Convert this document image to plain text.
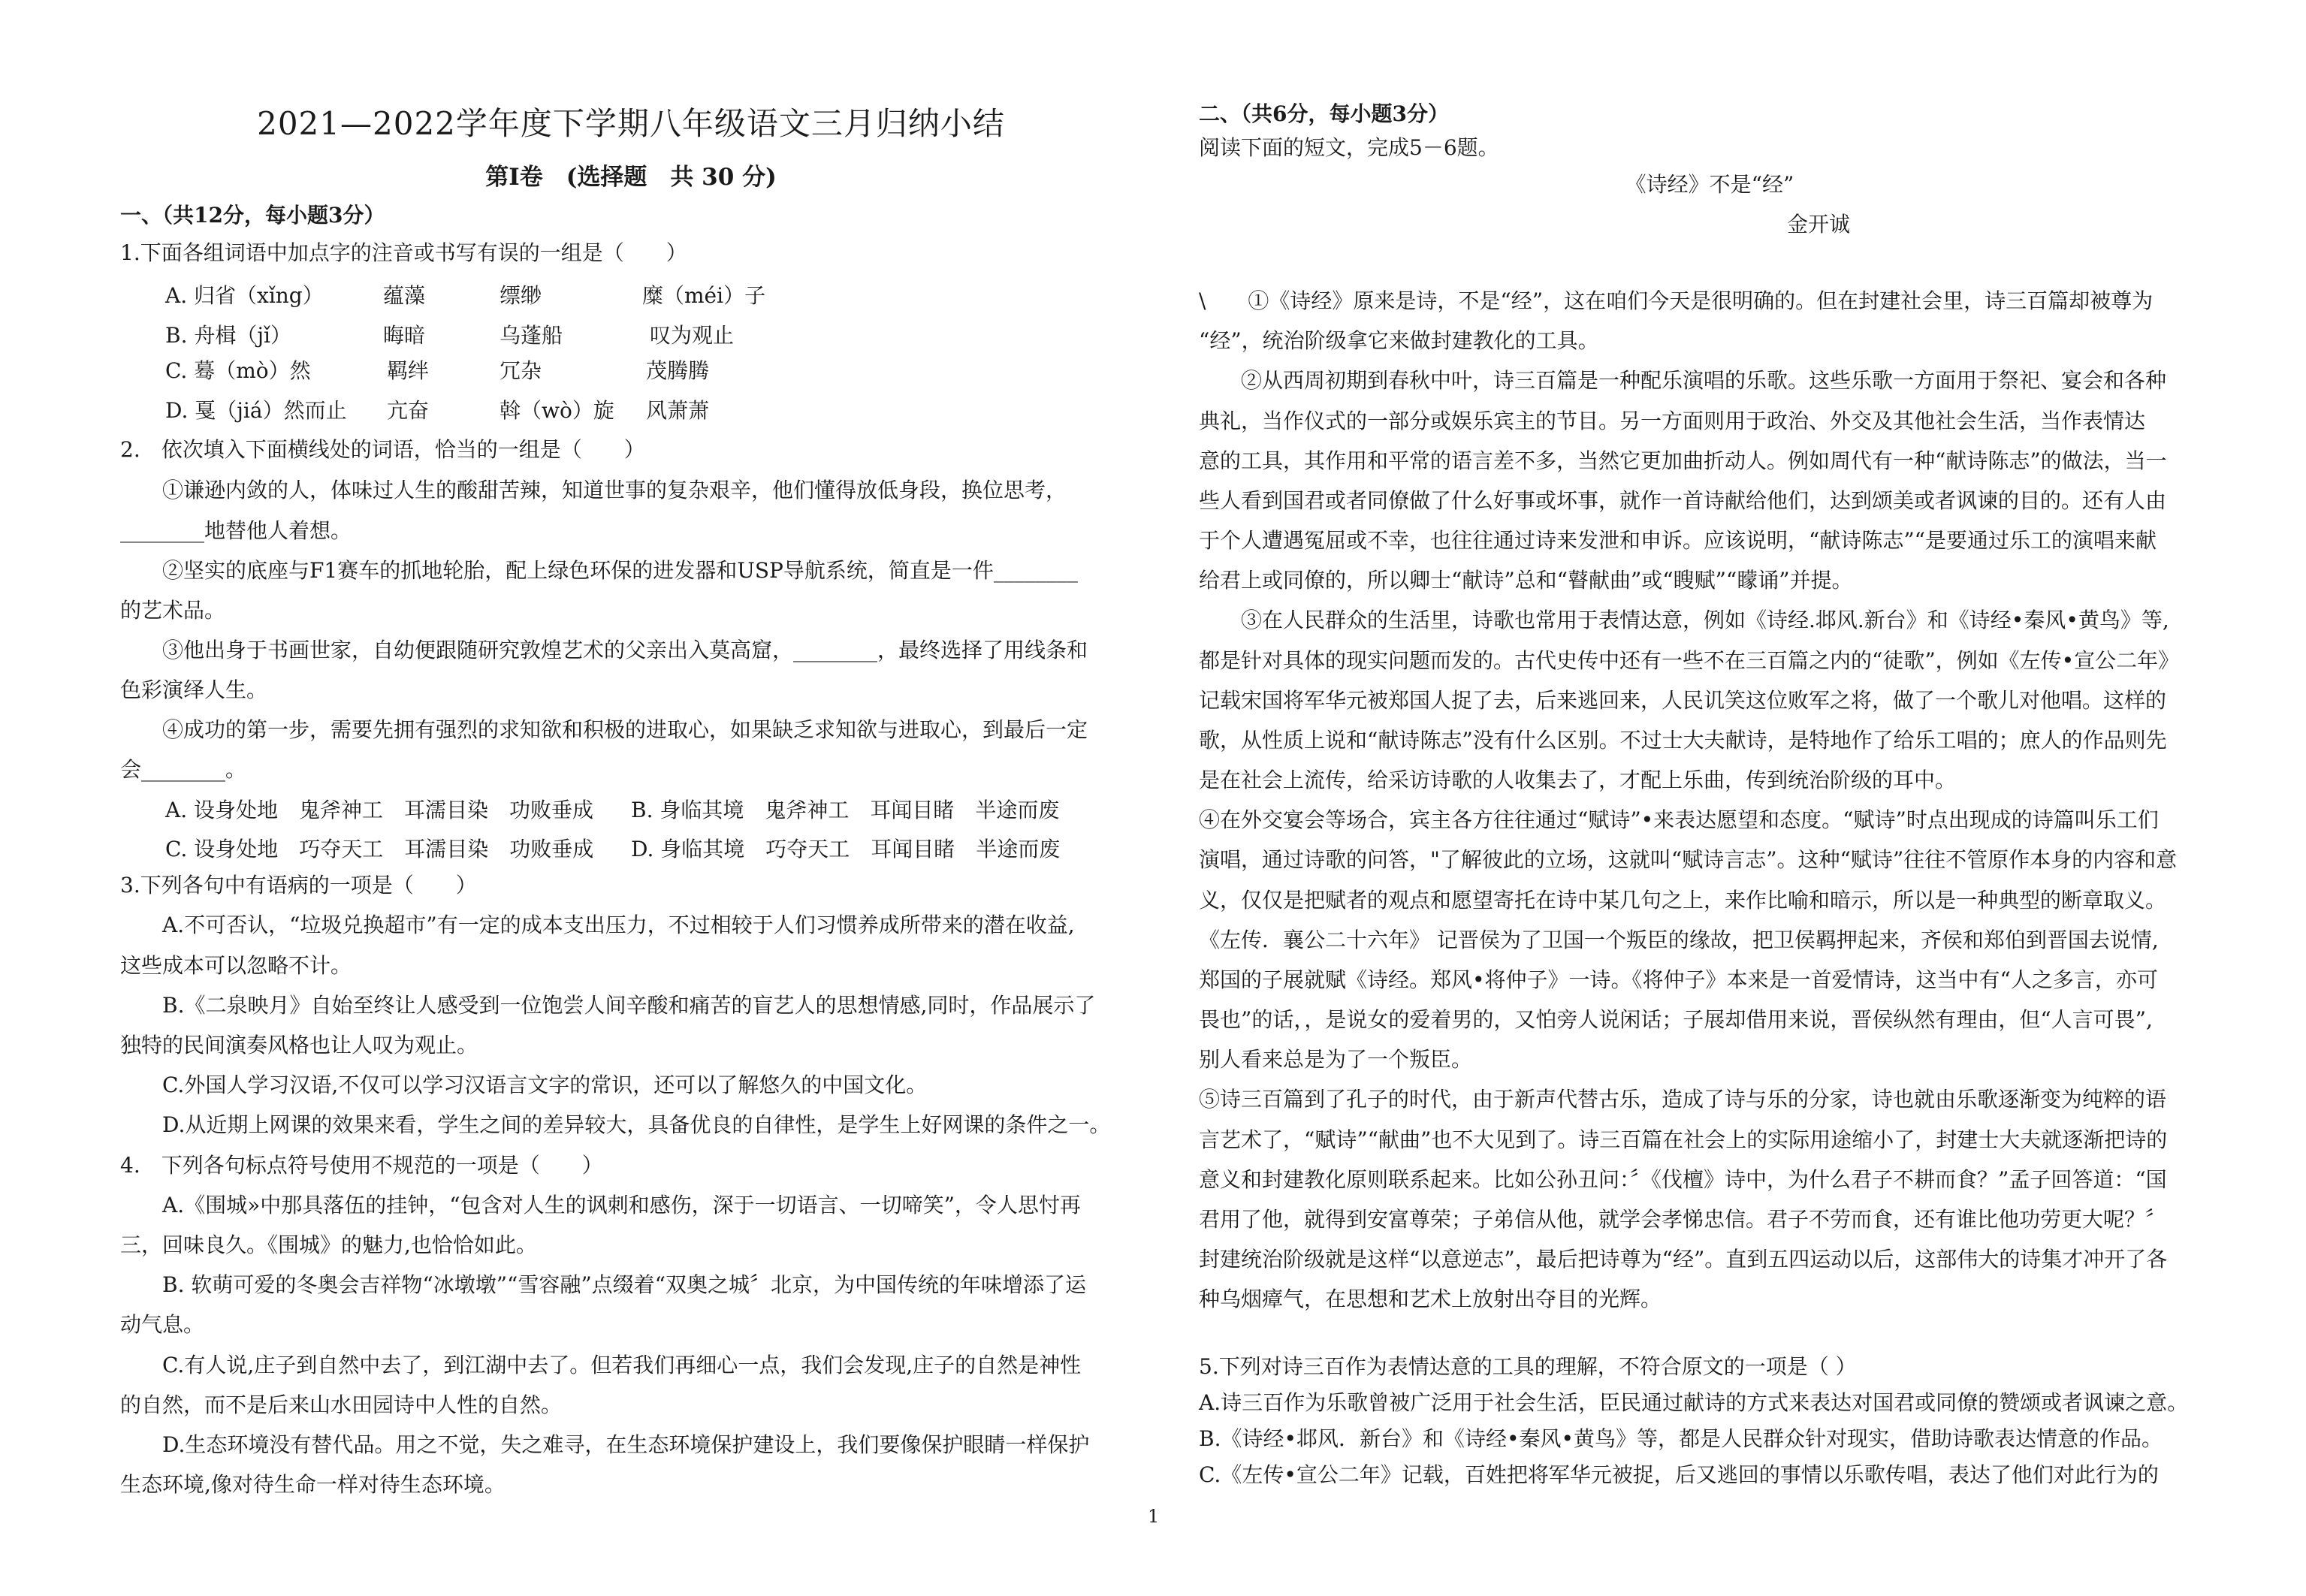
2021—2022学年度下学期八年级语文三月归纳小结
第Ⅰ卷　(选择题　共 30 分)
一、（共12分，每小题3分）
1.下面各组词语中加点字的注音或书写有误的一组是（　　）
A. 归省（xǐng）	蕴藻	缥缈	糜（méi）子
B. 舟楫（jǐ）	晦暗	乌蓬船	叹为观止
C. 蓦（mò）然	羁绊	冗杂	茂腾腾
D. 戛（jiá）然而止 亢奋	斡（wò）旋 风萧萧
2.　依次填入下面横线处的词语，恰当的一组是（　　）
①谦逊内敛的人，体味过人生的酸甜苦辣，知道世事的复杂艰辛，他们懂得放低身段，换位思考，
________地替他人着想。
②坚实的底座与F1赛车的抓地轮胎，配上绿色环保的进发器和USP导航系统，简直是一件________
的艺术品。
③他出身于书画世家，自幼便跟随研究敦煌艺术的父亲出入莫高窟，________，最终选择了用线条和
色彩演绎人生。
④成功的第一步，需要先拥有强烈的求知欲和积极的进取心，如果缺乏求知欲与进取心，到最后一定
会________。
A. 设身处地　鬼斧神工　耳濡目染　功败垂成 B. 身临其境　鬼斧神工　耳闻目睹　半途而废
C. 设身处地　巧夺天工　耳濡目染　功败垂成 D. 身临其境　巧夺天工　耳闻目睹　半途而废
3.下列各句中有语病的一项是（　　）
A.不可否认，“垃圾兑换超市”有一定的成本支出压力，不过相较于人们习惯养成所带来的潜在收益,
这些成本可以忽略不计。
B.《二泉映月》自始至终让人感受到一位饱尝人间辛酸和痛苦的盲艺人的思想情感,同时，作品展示了
独特的民间演奏风格也让人叹为观止。
C.外国人学习汉语,不仅可以学习汉语言文字的常识，还可以了解悠久的中国文化。
D.从近期上网课的效果来看，学生之间的差异较大，具备优良的自律性，是学生上好网课的条件之一。
4.　下列各句标点符号使用不规范的一项是（　　）
A.《围城»中那具落伍的挂钟，“包含对人生的讽刺和感伤，深于一切语言、一切啼笑”，令人思忖再
三，回味良久。《围城》的魅力,也恰恰如此。
B. 软萌可爱的冬奥会吉祥物“冰墩墩”“雪容融”点缀着“双奥之城〞北京，为中国传统的年味增添了运
动气息。
C.有人说,庄子到自然中去了，到江湖中去了。但若我们再细心一点，我们会发现,庄子的自然是神性
的自然，而不是后来山水田园诗中人性的自然。
D.生态环境没有替代品。用之不觉，失之难寻，在生态环境保护建设上，我们要像保护眼睛一样保护
生态环境,像对待生命一样对待生态环境。
二、（共6分，每小题3分）
阅读下面的短文，完成5－6题。
《诗经》不是“经”
金开诚
\　　①《诗经》原来是诗，不是“经”，这在咱们今天是很明确的。但在封建社会里，诗三百篇却被尊为
“经”，统治阶级拿它来做封建教化的工具。
　　②从西周初期到春秋中叶，诗三百篇是一种配乐演唱的乐歌。这些乐歌一方面用于祭祀、宴会和各种
典礼，当作仪式的一部分或娱乐宾主的节目。另一方面则用于政治、外交及其他社会生活，当作表情达
意的工具，其作用和平常的语言差不多，当然它更加曲折动人。例如周代有一种“献诗陈志”的做法，当一
些人看到国君或者同僚做了什么好事或坏事，就作一首诗献给他们，达到颂美或者讽谏的目的。还有人由
于个人遭遇冤屈或不幸，也往往通过诗来发泄和申诉。应该说明，“献诗陈志”“是要通过乐工的演唱来献
给君上或同僚的，所以卿士“献诗”总和“瞽献曲”或“瞍赋”“矇诵”并提。
　　③在人民群众的生活里，诗歌也常用于表情达意，例如《诗经.邶风.新台》和《诗经•秦风•黄鸟》等,
都是针对具体的现实问题而发的。古代史传中还有一些不在三百篇之内的“徒歌”，例如《左传•宣公二年》
记载宋国将军华元被郑国人捉了去，后来逃回来，人民讥笑这位败军之将，做了一个歌儿对他唱。这样的
歌，从性质上说和“献诗陈志”没有什么区别。不过士大夫献诗，是特地作了给乐工唱的；庶人的作品则先
是在社会上流传，给采访诗歌的人收集去了，才配上乐曲，传到统治阶级的耳中。
④在外交宴会等场合，宾主各方往往通过“赋诗”•来表达愿望和态度。“赋诗”时点出现成的诗篇叫乐工们
演唱，通过诗歌的问答，"了解彼此的立场，这就叫“赋诗言志”。这种“赋诗”往往不管原作本身的内容和意
义，仅仅是把赋者的观点和愿望寄托在诗中某几句之上，来作比喻和暗示，所以是一种典型的断章取义。
《左传．襄公二十六年》 记晋侯为了卫国一个叛臣的缘故，把卫侯羁押起来，齐侯和郑伯到晋国去说情,
郑国的子展就赋《诗经。郑风•将仲子》一诗。《将仲子》本来是一首爱情诗，这当中有“人之多言，亦可
畏也”的话，，是说女的爱着男的，又怕旁人说闲话；子展却借用来说，晋侯纵然有理由，但“人言可畏”,
别人看来总是为了一个叛臣。
⑤诗三百篇到了孔子的时代，由于新声代替古乐，造成了诗与乐的分家，诗也就由乐歌逐渐变为纯粹的语
言艺术了，“赋诗”“献曲”也不大见到了。诗三百篇在社会上的实际用途缩小了，封建士大夫就逐渐把诗的
意义和封建教化原则联系起来。比如公孙丑问：〞《伐檀》诗中，为什么君子不耕而食？”孟子回答道：“国
君用了他，就得到安富尊荣；子弟信从他，就学会孝悌忠信。君子不劳而食，还有谁比他功劳更大呢？〞
封建统治阶级就是这样“以意逆志”，最后把诗尊为“经”。直到五四运动以后，这部伟大的诗集才冲开了各
种乌烟瘴气，在思想和艺术上放射出夺目的光辉。
5.下列对诗三百作为表情达意的工具的理解，不符合原文的一项是（ ）
A.诗三百作为乐歌曾被广泛用于社会生活，臣民通过献诗的方式来表达对国君或同僚的赞颂或者讽谏之意。
B.《诗经•邶风．新台》和《诗经•秦风•黄鸟》等，都是人民群众针对现实，借助诗歌表达情意的作品。
C.《左传•宣公二年》记载，百姓把将军华元被捉，后又逃回的事情以乐歌传唱，表达了他们对此行为的
1
